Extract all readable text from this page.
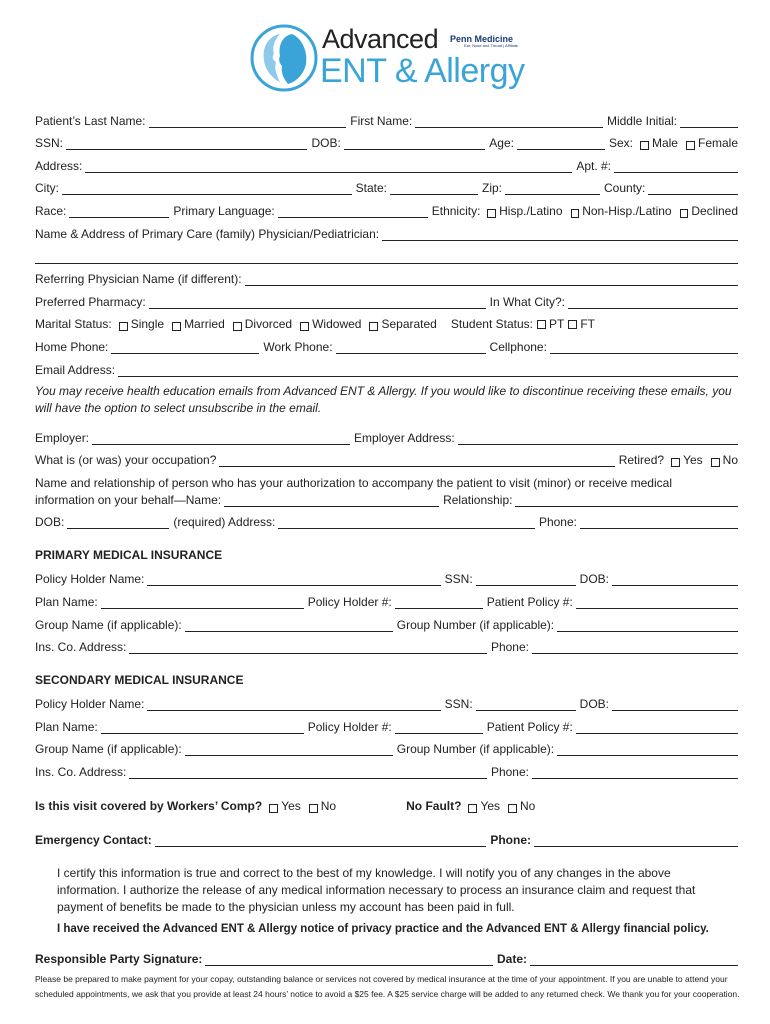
Advanced
ENT & Allergy
Penn Medicine
Ear, Nose and Throat | Affiliate
Patient’s Last Name:	First Name:	Middle Initial:
SSN:	DOB:	Age:	Sex: Male	Female
Address:	Apt. #:
City:	State:	Zip:	County:
Race:	Primary Language:	Ethnicity: Hisp./Latino	Non-Hisp./Latino	Declined
Name & Address of Primary Care (family) Physician/Pediatrician:
Referring Physician Name (if different):
Preferred Pharmacy:	In What City?:
Marital Status: Single	Married	Divorced	Widowed	Separated	Student Status: PT FT
Home Phone:	Work Phone:	Cellphone:
Email Address:
You may receive health education emails from Advanced ENT & Allergy. If you would like to discontinue receiving these emails, you will have the option to select unsubscribe in the email.
Employer:	Employer Address:
What is (or was) your occupation?	Retired? Yes	No
Name and relationship of person who has your authorization to accompany the patient to visit (minor) or receive medical
information on your behalf—Name:	Relationship:
DOB:	(required) Address:	Phone:
PRIMARY MEDICAL INSURANCE
Policy Holder Name:	SSN:	DOB:
Plan Name:	Policy Holder #:	Patient Policy #:
Group Name (if applicable):	Group Number (if applicable):
Ins. Co. Address:	Phone:
SECONDARY MEDICAL INSURANCE
Policy Holder Name:	SSN:	DOB:
Plan Name:	Policy Holder #:	Patient Policy #:
Group Name (if applicable):	Group Number (if applicable):
Ins. Co. Address:	Phone:
Is this visit covered by Workers’ Comp? Yes	No	No Fault? Yes	No
Emergency Contact:	Phone:
I certify this information is true and correct to the best of my knowledge. I will notify you of any changes in the above information. I authorize the release of any medical information necessary to process an insurance claim and request that payment of benefits be made to the physician unless my account has been paid in full.
I have received the Advanced ENT & Allergy notice of privacy practice and the Advanced ENT & Allergy financial policy.
Responsible Party Signature:	Date:
Please be prepared to make payment for your copay, outstanding balance or services not covered by medical insurance at the time of your appointment. If you are unable to attend your scheduled appointments, we ask that you provide at least 24 hours’ notice to avoid a $25 fee. A $25 service charge will be added to any returned check. We thank you for your cooperation.
